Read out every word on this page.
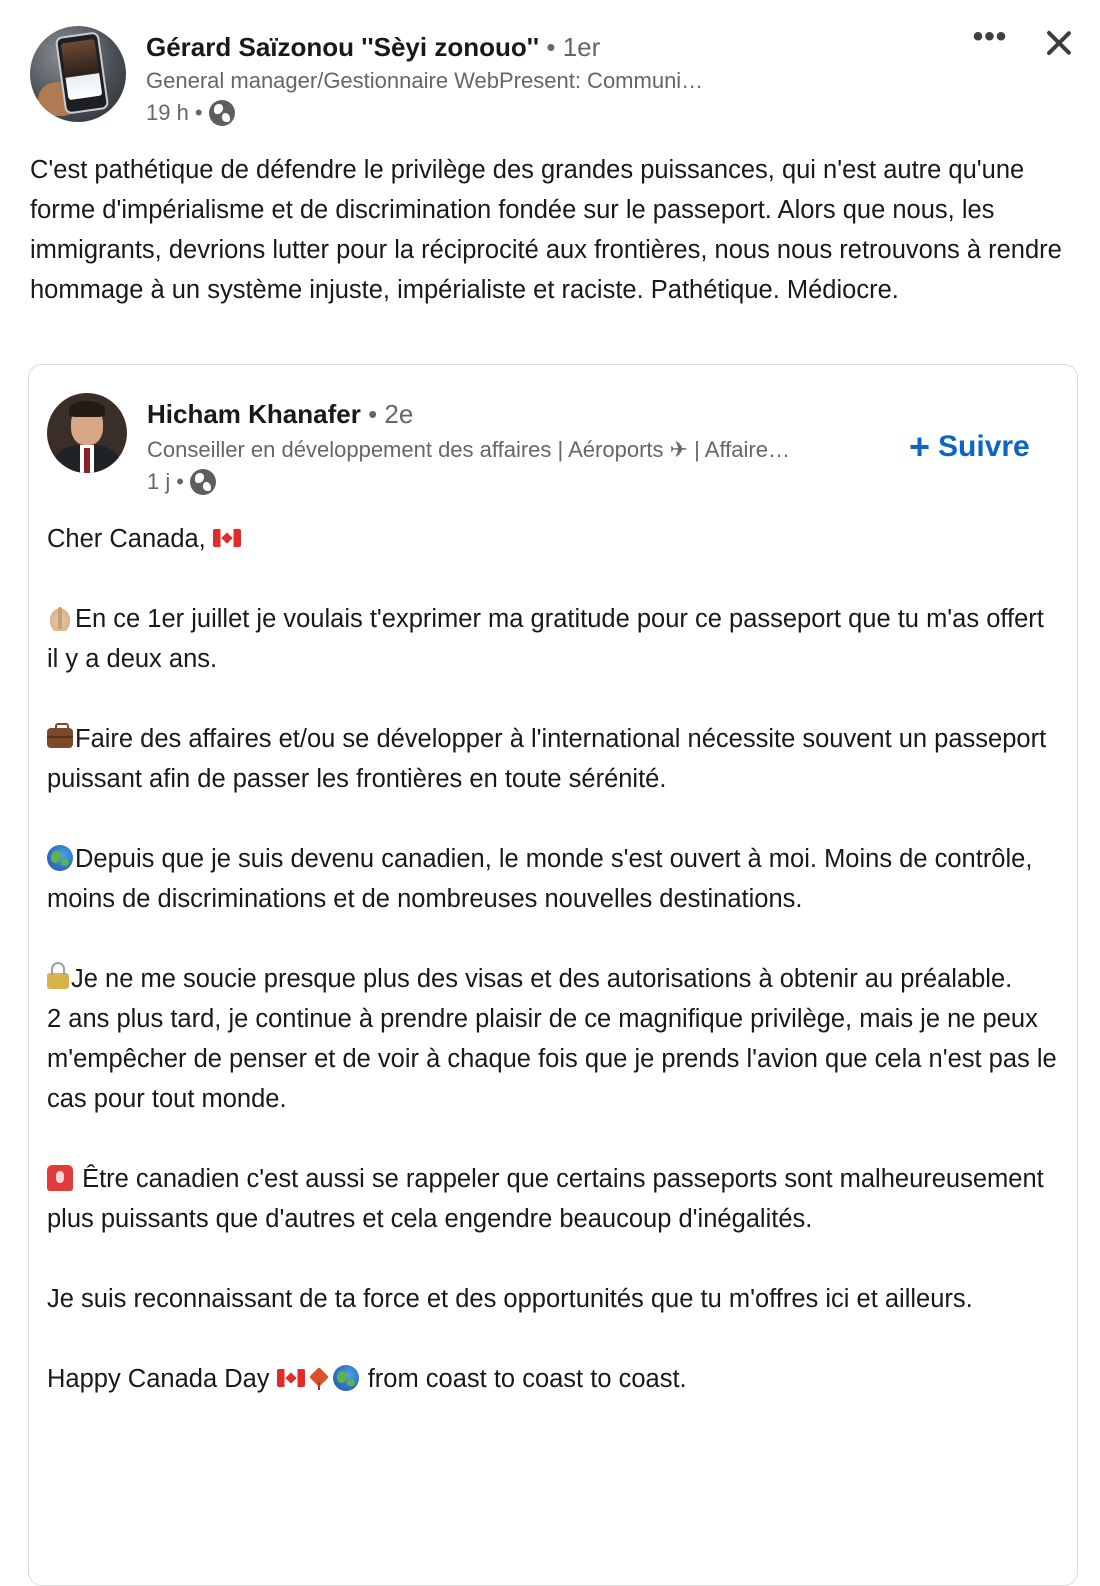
Gérard Saïzonou ''Sèyi zonouo'' • 1er
General manager/Gestionnaire WebPresent: Communi…
19 h •
•••
C'est pathétique de défendre le privilège des grandes puissances, qui n'est autre qu'une forme d'impérialisme et de discrimination fondée sur le passeport. Alors que nous, les immigrants, devrions lutter pour la réciprocité aux frontières, nous nous retrouvons à rendre hommage à un système injuste, impérialiste et raciste. Pathétique. Médiocre.
Hicham Khanafer • 2e
Conseiller en développement des affaires | Aéroports ✈ | Affaire…
1 j •
+ Suivre

Cher Canada,

En ce 1er juillet je voulais t'exprimer ma gratitude pour ce passeport que tu m'as offert il y a deux ans.

Faire des affaires et/ou se développer à l'international nécessite souvent un passeport puissant afin de passer les frontières en toute sérénité.

Depuis que je suis devenu canadien, le monde s'est ouvert à moi. Moins de contrôle, moins de discriminations et de nombreuses nouvelles destinations.

Je ne me soucie presque plus des visas et des autorisations à obtenir au préalable.

2 ans plus tard, je continue à prendre plaisir de ce magnifique privilège, mais je ne peux m'empêcher de penser et de voir à chaque fois que je prends l'avion que cela n'est pas le cas pour tout monde.

Être canadien c'est aussi se rappeler que certains passeports sont malheureusement plus puissants que d'autres et cela engendre beaucoup d'inégalités.

Je suis reconnaissant de ta force et des opportunités que tu m'offres ici et ailleurs.

Happy Canada Day	from coast to coast to coast.
